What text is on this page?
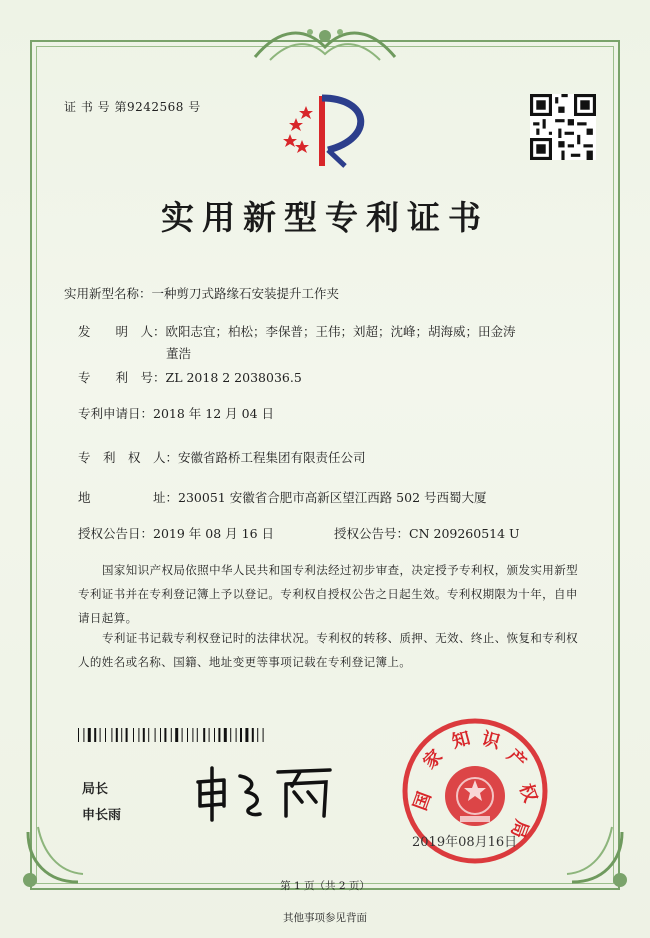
证 书 号 第9242568 号
实用新型专利证书
实用新型名称：一种剪刀式路缘石安装提升工作夹
发　　明　人：欧阳志宜；柏松；李保普；王伟；刘超；沈峰；胡海威；田金涛
董浩
专　　利　号：ZL 2018 2 2038036.5
专利申请日：2018 年 12 月 04 日
专　利　权　人：安徽省路桥工程集团有限责任公司
地　　　　　址：230051 安徽省合肥市高新区望江西路 502 号西蜀大厦
授权公告日：2019 年 08 月 16 日	授权公告号：CN 209260514 U
国家知识产权局依照中华人民共和国专利法经过初步审查，决定授予专利权，颁发实用新型专利证书并在专利登记簿上予以登记。专利权自授权公告之日起生效。专利权期限为十年，自申请日起算。
专利证书记载专利权登记时的法律状况。专利权的转移、质押、无效、终止、恢复和专利权人的姓名或名称、国籍、地址变更等事项记载在专利登记簿上。
局长
申长雨
国
家
知 识
产
权
局
2019年08月16日
第 1 页（共 2 页）
其他事项参见背面
